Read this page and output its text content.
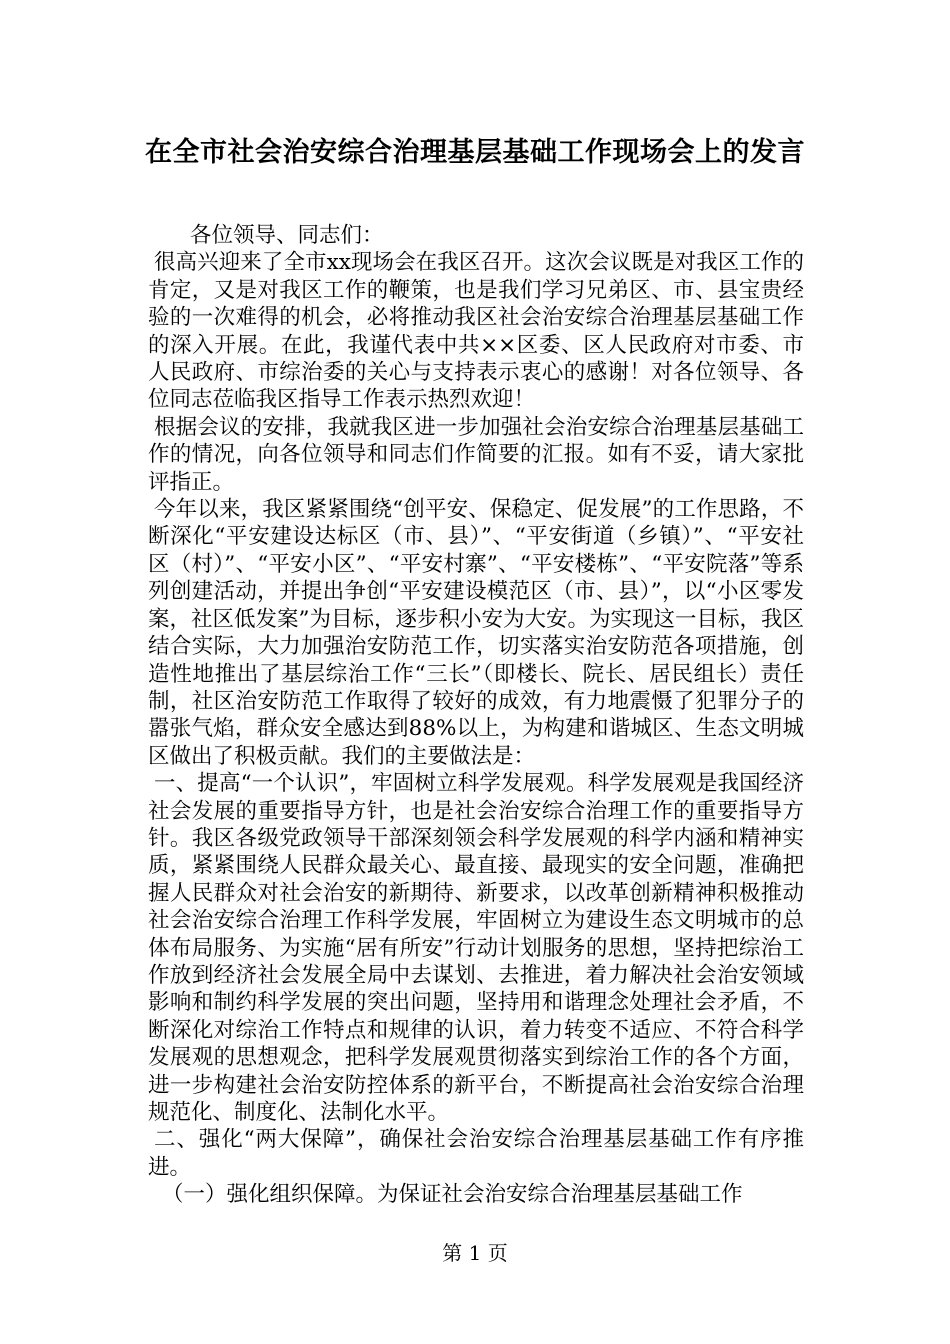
在全市社会治安综合治理基层基础工作现场会上的发言

各位领导、同志们：

很高兴迎来了全市xx现场会在我区召开。这次会议既是对我区工作的肯定，又是对我区工作的鞭策，也是我们学习兄弟区、市、县宝贵经验的一次难得的机会，必将推动我区社会治安综合治理基层基础工作的深入开展。在此，我谨代表中共××区委、区人民政府对市委、市人民政府、市综治委的关心与支持表示衷心的感谢！对各位领导、各位同志莅临我区指导工作表示热烈欢迎！

根据会议的安排，我就我区进一步加强社会治安综合治理基层基础工作的情况，向各位领导和同志们作简要的汇报。如有不妥，请大家批评指正。

今年以来，我区紧紧围绕“创平安、保稳定、促发展”的工作思路，不断深化“平安建设达标区（市、县）”、“平安街道（乡镇）”、“平安社区（村）”、“平安小区”、“平安村寨”、“平安楼栋”、“平安院落”等系列创建活动，并提出争创“平安建设模范区（市、县）”，以“小区零发案，社区低发案”为目标，逐步积小安为大安。为实现这一目标，我区结合实际，大力加强治安防范工作，切实落实治安防范各项措施，创造性地推出了基层综治工作“三长”（即楼长、院长、居民组长）责任制，社区治安防范工作取得了较好的成效，有力地震慑了犯罪分子的嚣张气焰，群众安全感达到88%以上，为构建和谐城区、生态文明城区做出了积极贡献。我们的主要做法是：

一、提高“一个认识”，牢固树立科学发展观。科学发展观是我国经济社会发展的重要指导方针，也是社会治安综合治理工作的重要指导方针。我区各级党政领导干部深刻领会科学发展观的科学内涵和精神实质，紧紧围绕人民群众最关心、最直接、最现实的安全问题，准确把握人民群众对社会治安的新期待、新要求，以改革创新精神积极推动社会治安综合治理工作科学发展，牢固树立为建设生态文明城市的总体布局服务、为实施“居有所安”行动计划服务的思想，坚持把综治工作放到经济社会发展全局中去谋划、去推进，着力解决社会治安领域影响和制约科学发展的突出问题，坚持用和谐理念处理社会矛盾，不断深化对综治工作特点和规律的认识，着力转变不适应、不符合科学发展观的思想观念，把科学发展观贯彻落实到综治工作的各个方面，进一步构建社会治安防控体系的新平台，不断提高社会治安综合治理规范化、制度化、法制化水平。

二、强化“两大保障”，确保社会治安综合治理基层基础工作有序推进。

（一）强化组织保障。为保证社会治安综合治理基层基础工作

第 1 页
